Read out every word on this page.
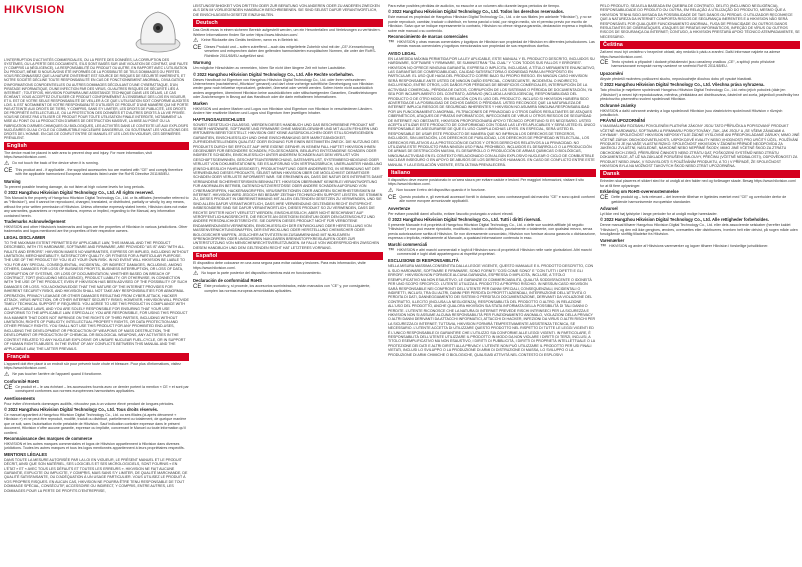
HIKVISION

L'INTERRUPTION D'ACTIVITÉS COMMERCIALES, OU LA PERTE DES DONNÉES, LA CORRUPTION DES SYSTÈMES, OU LA PERTE DES DOCUMENTS, S'ILS SONT BASÉS SUR UNE VIOLATION DE CONTRAT, UNE FAUTE (Y COMPRIS LA NÉGLIGENCE), LA RESPONSABILITÉ DU PRODUIT OU AUTRE, EN RAPPORT AVEC L'UTILISATION DU PRODUIT, MÊME SI NOUS AVONS ÉTÉ INFORMÉS DE LA POSSIBILITÉ DE TELS DOMMAGES OU PERTES. VOUS RECONNAISSEZ QUE LA NATURE D'INTERNET EST SOURCE DE RISQUES DE SÉCURITÉ INHÉRENTS, ET NOTRE SOCIÉTÉ DÉCLINE TOUTE RESPONSABILITÉ EN CAS DE FONCTIONNEMENT ANORMAL, DIVULGATION D'INFORMATIONS CONFIDENTIELLES OU AUTRES DOMMAGES DÉCOULANT D'UNE CYBERATTAQUE, D'UN PIRATAGE INFORMATIQUE, D'UNE INFECTION PAR DES VIRUS, OU AUTRES RISQUES DE SÉCURITÉ LIÉS À INTERNET ; TOUTEFOIS, HIKVISION FOURNIRA UNE ASSISTANCE TECHNIQUE DANS LES DÉLAIS, LE CAS ÉCHÉANT. VOUS ACCEPTEZ D'UTILISER CE PRODUIT CONFORMÉMENT À L'ENSEMBLE DES LOIS EN VIGUEUR, ET IL EST DE VOTRE SEULE RESPONSABILITÉ DE VEILLER À CE QUE L'UTILISATION SOIT CONFORME AUXDITES LOIS. IL EST NOTAMMENT DE VOTRE RESPONSABILITÉ D'UTILISER CE PRODUIT D'UNE MANIÈRE QUI NE PORTE PAS ATTEINTE AUX DROITS DE TIERS, Y COMPRIS, SANS S'Y LIMITER, LES DROITS DE PUBLICITÉ, LES DROITS DE PROPRIÉTÉ INTELLECTUELLE, OU LA PROTECTION DES DONNÉES ET D'AUTRES DROITS À LA VIE PRIVÉE. VOUS NE DEVEZ PAS UTILISER CE PRODUIT POUR TOUTE UTILISATION FINALE INTERDITE, NOTAMMENT LA MISE AU POINT OU LA PRODUCTION D'ARMES DE DESTRUCTION MASSIVE, LA MISE AU POINT OU LA FABRICATION D'ARMES CHIMIQUES OU BIOLOGIQUES, LES ACTIVITÉS DANS LE CONTEXTE LIÉ AUX EXPLOSIFS NUCLÉAIRES OU AU CYCLE DU COMBUSTIBLE NUCLÉAIRE DANGEREUX, OU SOUTENANT LES VIOLATIONS DES DROITS DE L'HOMME. EN CAS DE CONFLIT ENTRE CE MANUEL ET LES LOIS EN VIGUEUR, CES DERNIÈRES PRÉVALENT.

English

The device must be placed in safe area to prevent drop and injury. For more information, visit https://www.hikvision.com/.

⚠ Do not touch the back of the device when it is running.

CE This product and - if applicable - the supplied accessories too are marked with "CE" and comply therefore with the applicable harmonized European standards listed under the RoHS Directive 2011/65/EU.

Warning

To prevent possible hearing damage, do not listen at high volume levels for long periods.

© 2022 Hangzhou Hikvision Digital Technology Co., Ltd. All rights reserved.

This Manual is the property of Hangzhou Hikvision Digital Technology Co., Ltd. or its affiliates (hereinafter referred to as "Hikvision"), and it cannot be reproduced, changed, translated, or distributed, partially or wholly, by any means, without the prior written permission of Hikvision. Unless otherwise expressly stated herein, Hikvision does not make any warranties, guarantees or representations, express or implied, regarding to the Manual, any information contained herein.

Trademarks Acknowledgement

HIKVISION and other Hikvision's trademarks and logos are the properties of Hikvision in various jurisdictions. Other trademarks and logos mentioned are the properties of their respective owners.

LEGAL DISCLAIMER

TO THE MAXIMUM EXTENT PERMITTED BY APPLICABLE LAW, THIS MANUAL AND THE PRODUCT DESCRIBED, WITH ITS HARDWARE, SOFTWARE AND FIRMWARE, ARE PROVIDED "AS IS" AND "WITH ALL FAULTS AND ERRORS". HIKVISION MAKES NO WARRANTIES, EXPRESS OR IMPLIED, INCLUDING WITHOUT LIMITATION, MERCHANTABILITY, SATISFACTORY QUALITY, OR FITNESS FOR A PARTICULAR PURPOSE. THE USE OF THE PRODUCT BY YOU IS AT YOUR OWN RISK. IN NO EVENT WILL HIKVISION BE LIABLE TO YOU FOR ANY SPECIAL, CONSEQUENTIAL, INCIDENTAL, OR INDIRECT DAMAGES, INCLUDING, AMONG OTHERS, DAMAGES FOR LOSS OF BUSINESS PROFITS, BUSINESS INTERRUPTION, OR LOSS OF DATA, CORRUPTION OF SYSTEMS, OR LOSS OF DOCUMENTATION, WHETHER BASED ON BREACH OF CONTRACT, TORT (INCLUDING NEGLIGENCE), PRODUCT LIABILITY, OR OTHERWISE, IN CONNECTION WITH THE USE OF THE PRODUCT, EVEN IF HIKVISION HAS BEEN ADVISED OF THE POSSIBILITY OF SUCH DAMAGES OR LOSS. YOU ACKNOWLEDGE THAT THE NATURE OF THE INTERNET PROVIDES FOR INHERENT SECURITY RISKS, AND HIKVISION SHALL NOT TAKE ANY RESPONSIBILITIES FOR ABNORMAL OPERATION, PRIVACY LEAKAGE OR OTHER DAMAGES RESULTING FROM CYBER-ATTACK, HACKER ATTACK, VIRUS INFECTION, OR OTHER INTERNET SECURITY RISKS; HOWEVER, HIKVISION WILL PROVIDE TIMELY TECHNICAL SUPPORT IF REQUIRED. YOU AGREE TO USE THIS PRODUCT IN COMPLIANCE WITH ALL APPLICABLE LAWS, AND YOU ARE SOLELY RESPONSIBLE FOR ENSURING THAT YOUR USE CONFORMS TO THE APPLICABLE LAW. ESPECIALLY, YOU ARE RESPONSIBLE, FOR USING THIS PRODUCT IN A MANNER THAT DOES NOT INFRINGE ON THE RIGHTS OF THIRD PARTIES, INCLUDING WITHOUT LIMITATION, RIGHTS OF PUBLICITY, INTELLECTUAL PROPERTY RIGHTS, OR DATA PROTECTION AND OTHER PRIVACY RIGHTS. YOU SHALL NOT USE THIS PRODUCT FOR ANY PROHIBITED END-USES, INCLUDING THE DEVELOPMENT OR PRODUCTION OF WEAPONS OF MASS DESTRUCTION, THE DEVELOPMENT OR PRODUCTION OF CHEMICAL OR BIOLOGICAL WEAPONS, ANY ACTIVITIES IN THE CONTEXT RELATED TO ANY NUCLEAR EXPLOSIVE OR UNSAFE NUCLEAR FUEL-CYCLE, OR IN SUPPORT OF HUMAN RIGHTS ABUSES. IN THE EVENT OF ANY CONFLICTS BETWEEN THIS MANUAL AND THE APPLICABLE LAW, THE LATTER PREVAILS.

Français

L'appareil doit être placé à un endroit sûr pour prévenir toute chute et blessure. Pour plus d'informations, visitez https://www.hikvision.com/.

⚠ Ne pas toucher l'arrière de l'appareil quand il fonctionne.

Conformité RoHS
CE Ce produit et – le cas échéant – les accessoires fournis avec ce dernier portent la mention « CE » et sont par conséquent conformes aux normes européennes harmonisées applicables.

Avertissements

Pour éviter d'éventuels dommages auditifs, n'écoutez pas à un volume élevé pendant de longues périodes.

© 2022 Hangzhou Hikvision Digital Technology Co., Ltd. Tous droits réservés.

Ce manuel appartient à Hangzhou Hikvision Digital Technology Co., Ltd. ou ses filiales (ci-après dénommé « Hikvision ») et ne peut être reproduit, modifié, traduit ou distribué, partiellement ou totalement, de quelque manière que ce soit, sans l'autorisation écrite préalable de Hikvision. Sauf indication contraire expresse dans le présent document, Hikvision n'offre aucune garantie, expresse ou implicite, concernant le Manuel ou toute information qu'il contient.

Reconnaissance des marques de commerce

HIKVISION et les autres marques commerciales et logos de Hikvision appartiennent à Hikvision dans diverses juridictions. Toutes les autres marques et tous les logos mentionnés appartiennent à leurs propriétaires respectifs.

MENTIONS LÉGALES

DANS TOUTE LA MESURE AUTORISÉE PAR LA LOI EN VIGUEUR, LE PRÉSENT MANUEL ET LE PRODUIT DÉCRIT, AINSI QUE SON MATÉRIEL, SES LOGICIELS ET SES MICROLOGICIELS, SONT FOURNIS « EN L'ÉTAT » ET « AVEC TOUS LES DÉFAUTS ET TOUTES LES ERREURS ». HIKVISION NE FAIT AUCUNE GARANTIE, EXPLICITE OU IMPLICITE, Y COMPRIS, MAIS SANS S'Y LIMITER, DE QUALITÉ MARCHANDE, DE QUALITÉ SATISFAISANTE, OU D'ADÉQUATION À UN USAGE PARTICULIER. VOUS UTILISEZ LE PRODUIT À VOS PROPRES RISQUES. EN AUCUN CAS, HIKVISION NE POURRA ÊTRE TENU RESPONSABLE DE TOUT DOMMAGE SPÉCIAL, CONSÉCUTIF, ACCESSOIRE OU INDIRECT, Y COMPRIS, ENTRE AUTRES, LES DOMMAGES POUR LA PERTE DE PROFITS D'ENTREPRISE,

LEISTUNGSFÄHIGKEIT VON DRITTEN ODER ZUR BERATUNG VON ANDEREN ODER ZU ANDEREN ZWECKEN ALS DEN IM VORLIEGENDEN HANDBUCH BESCHRIEBENEN. SIE SIND SELBST DAFÜR VERANTWORTLICH, DIE EINSCHLÄGIGEN GESETZE EINZUHALTEN.

Deutsch

Das Gerät muss in einem sicheren Bereich aufgestellt werden, um ein Herunterfallen und Verletzungen zu verhindern. Weitere Informationen finden Sie unter https://www.hikvision.com/.

⚠ Keine Rückseite des Geräts berühren, wenn es in Betrieb ist.

CE Dieses Produkt und – sofern zutreffend – auch das mitgelieferte Zubehör sind mit der „CE“-Kennzeichnung versehen und entsprechen daher den geltenden harmonisierten europäischen Normen, die unter der RoHS-Richtlinie 2011/65/EU aufgeführt sind.

Warnung

Um mögliche Hörschäden zu vermeiden, hören Sie nicht über längere Zeit mit hoher Lautstärke.

© 2022 Hangzhou Hikvision Digital Technology Co., Ltd. Alle Rechte vorbehalten.

Dieses Handbuch ist Eigentum von Hangzhou Hikvision Digital Technology Co., Ltd. oder ihren verbundenen Unternehmen (nachstehend „Hikvision“ genannt) und darf ohne vorherige schriftliche Genehmigung von Hikvision weder ganz noch teilweise reproduziert, geändert, übersetzt oder verteilt werden. Sofern hierin nicht ausdrücklich anders angegeben, übernimmt Hikvision keine ausdrücklichen oder stillschweigenden Garantien, Gewährleistungen oder Zusicherungen in Bezug auf das Handbuch oder die darin enthaltenen Informationen.

Marken

HIKVISION und andere Marken und Logos von Hikvision sind Eigentum von Hikvision in verschiedenen Ländern. Andere hier erwähnte Marken und Logos sind Eigentum ihrer jeweiligen Inhaber.

HAFTUNGSAUSSCHLUSS

SOWEIT GESETZLICH ZULÄSSIG, WERDEN DIESES HANDBUCH UND DAS BESCHRIEBENE PRODUKT MIT SEINER HARDWARE, SOFTWARE UND FIRMWARE OHNE MÄNGELGEWÄHR UND MIT ALLEN FEHLERN UND IRRTÜMERN BEREITGESTELLT. HIKVISION GIBT KEINE AUSDRÜCKLICHEN ODER STILLSCHWEIGENDEN GARANTIEN, EINSCHLIESSLICH UND OHNE EINSCHRÄNKUNG DER MARKTGÄNGIGKEIT, ZUFRIEDENSTELLENDEN QUALITÄT ODER EIGNUNG FÜR EINEN BESTIMMTEN ZWECK. DIE NUTZUNG DES PRODUKTS DURCH SIE ERFOLGT AUF IHRE EIGENE GEFAHR. IN KEINEM FALL HAFTET HIKVISION IHNEN GEGENÜBER FÜR BESONDERE SCHÄDEN, FOLGESCHÄDEN, BEILÄUFIG ENTSTANDENE SCHÄDEN ODER INDIREKTE SCHÄDEN, EINSCHLIESSLICH UNTER ANDEREM SCHÄDEN AUS DEM VERLUST VON GESCHÄFTSGEWINNEN, GESCHÄFTSUNTERBRECHUNG, DATENVERLUST, SYSTEMBESCHÄDIGUNG ODER VERLUST VON DOKUMENTATIONEN, SEI ES AUFGRUND VON VERTRAGSBRUCH, UNERLAUBTER HANDLUNG (EINSCHLIESSLICH FAHRLÄSSIGKEIT), PRODUKTHAFTUNG ODER ANDERWEITIG, IN VERBINDUNG MIT DER VERWENDUNG DIESES PRODUKTS, SELBST WENN HIKVISION ÜBER DIE MÖGLICHKEIT DERARTIGER SCHÄDEN ODER VERLUSTE INFORMIERT WAR. SIE ERKENNEN AN, DASS DIE NATUR DES INTERNETS DAMIT VERBUNDENE SICHERHEITSRISIKEN BEINHALTET. HIKVISION ÜBERNIMMT KEINERLEI VERANTWORTUNG FÜR ANORMALEN BETRIEB, DATENSCHUTZVERSTÖSSE ODER ANDERE SCHÄDEN AUFGRUND VON CYBERANGRIFFEN, HACKERANGRIFFEN, VIRUSINFEKTIONEN ODER ANDEREN SICHERHEITSRISIKEN IM INTERNET. HIKVISION WIRD JEDOCH BEI BEDARF ZEITNAH TECHNISCHEN SUPPORT LEISTEN. SIE STIMMEN ZU, DIESES PRODUKT IN ÜBEREINSTIMMUNG MIT ALLEN GELTENDEN GESETZEN ZU VERWENDEN, UND SIE SIND ALLEIN DAFÜR VERANTWORTLICH, DASS IHRE VERWENDUNG GELTENDEM RECHT ENTSPRICHT. INSBESONDERE SIND SIE DAFÜR VERANTWORTLICH, DIESES PRODUKT SO ZU VERWENDEN, DASS DIE RECHTE DRITTER NICHT VERLETZT WERDEN, EINSCHLIESSLICH, ABER NICHT BESCHRÄNKT AUF VERÖFFENTLICHUNGSRECHTE, DIE RECHTE AN GEISTIGEM EIGENTUM ODER DEN DATENSCHUTZ UND ANDERE PERSÖNLICHKEITSRECHTE. SIE DÜRFEN DIESES PRODUKT NICHT FÜR VERBOTENE ENDANWENDUNGEN VERWENDEN, EINSCHLIESSLICH DER ENTWICKLUNG ODER HERSTELLUNG VON MASSENVERNICHTUNGSWAFFEN, DER ENTWICKLUNG ODER HERSTELLUNG CHEMISCHER ODER BIOLOGISCHER WAFFEN, JEGLICHER AKTIVITÄTEN IM ZUSAMMENHANG MIT NUKLEAREN SPRENGKÖRPERN ODER UNSICHEREN NUKLEAREN BRENNSTOFFKREISLÄUFEN ODER ZUR UNTERSTÜTZUNG VON MENSCHENRECHTSVERLETZUNGEN. IM FALLE VON WIDERSPRÜCHEN ZWISCHEN DIESEM HANDBUCH UND DEM GELTENDEN RECHT HAT LETZTERES VORRANG.

Español

El dispositivo debe colocarse en una zona segura para evitar caídas y lesiones. Para más información, visite https://www.hikvision.com/.

⚠ No toque la parte posterior del dispositivo mientras está en funcionamiento.

Declaración de conformidad RoHS
CE Este producto y, si procede, los accesorios suministrados, están marcados con "CE" y, por consiguiente, cumplen las normas europeas armonizadas aplicables.

Para evitar posibles pérdidas de audición, no escuche a un volumen alto durante largos periodos de tiempo.

© 2022 Hangzhou Hikvision Digital Technology Co., Ltd. Todos los derechos reservados.

Este manual es propiedad de Hangzhou Hikvision Digital Technology Co., Ltd. o de sus filiales (en adelante "Hikvision"), y no se puede reproducir, cambiar, traducir o distribuir, en forma parcial o total, por ningún medio, sin el permiso previo por escrito de Hikvision. Salvo que se indique expresamente lo contrario, Hikvision no ofrece ninguna garantía, declaración expresa o implícita, sobre este manual o su contenido.

Reconocimiento de marcas comerciales
™ HIKVISION y otras marcas comerciales y logotipos de Hikvision son propiedad de Hikvision en diferentes jurisdicciones. Las demás marcas comerciales y logotipos mencionados son propiedad de sus respectivos dueños.

AVISO LEGAL

EN LA MEDIDA MÁXIMA PERMITIDA POR LA LEY APLICABLE, ESTE MANUAL Y EL PRODUCTO DESCRITO, INCLUIDOS SU HARDWARE, SOFTWARE Y FIRMWARE, SE SUMINISTRAN "TAL CUAL" Y "CON TODOS SUS FALLOS Y ERRORES". HIKVISION NO OFRECE NINGUNA GARANTÍA, EXPRESA O IMPLÍCITA, INCLUIDAS, A TÍTULO MERAMENTE ENUNCIATIVO, LAS GARANTÍAS DE COMERCIABILIDAD, CALIDAD SATISFACTORIA O IDONEIDAD PARA UN PROPÓSITO EN PARTICULAR. EL USO QUE HAGA DEL PRODUCTO CORRE BAJO SU PROPIO RIESGO. EN NINGÚN CASO HIKVISION SERÁ RESPONSABLE ANTE USTED DE NINGÚN DAÑO ESPECIAL, CONSECUENTE, INCIDENTAL O INDIRECTO, INCLUYENDO, ENTRE OTROS, LOS DAÑOS POR PÉRDIDAS DE BENEFICIOS COMERCIALES, INTERRUPCIÓN DE LA ACTIVIDAD COMERCIAL, PÉRDIDA DE DATOS, CORRUPCIÓN DE LOS SISTEMAS O PÉRDIDA DE DOCUMENTACIÓN, YA SEA POR INCUMPLIMIENTO DEL CONTRATO, AGRAVIO (INCLUIDA LA NEGLIGENCIA), RESPONSABILIDAD DEL PRODUCTO O DE OTRO MODO, EN RELACIÓN CON EL USO DEL PRODUCTO, INCLUSO SI HIKVISION HUBIERA SIDO ADVERTIDA DE LA POSIBILIDAD DE DICHOS DAÑOS O PÉRDIDAS. USTED RECONOCE QUE LA NATURALEZA DE INTERNET IMPLICA RIESGOS DE SEGURIDAD INHERENTES Y HIKVISION NO ASUMIRÁ NINGUNA RESPONSABILIDAD POR UN FUNCIONAMIENTO ANORMAL, FILTRACIONES DE PRIVACIDAD U OTROS DAÑOS RESULTANTES DE ATAQUES CIBERNÉTICOS, ATAQUES DE PIRATAS INFORMÁTICOS, INFECCIONES DE VIRUS U OTROS RIESGOS DE SEGURIDAD DE INTERNET; NO OBSTANTE, HIKVISION PROPORCIONARÁ APOYO TÉCNICO OPORTUNO SI ES NECESARIO. USTED ACEPTA UTILIZAR ESTE PRODUCTO DE CONFORMIDAD CON TODAS LAS LEYES APLICABLES Y SERÁ USTED EL ÚNICO RESPONSABLE DE ASEGURARSE DE QUE EL USO CUMPLA DICHAS LEYES. EN ESPECIAL, SERÁ USTED EL RESPONSABLE DE USAR ESTE PRODUCTO DE MANERA QUE NO INFRINJA LOS DERECHOS DE TERCEROS, INCLUIDOS, SIN LIMITACIÓN, LOS DERECHOS DE PUBLICIDAD, LOS DERECHOS DE PROPIEDAD INTELECTUAL, LOS DERECHOS RELATIVOS A LA PROTECCIÓN DE DATOS Y OTROS DERECHOS RELATIVOS A LA PRIVACIDAD. NO UTILIZARÁ ESTE PRODUCTO PARA NINGÚN USO FINAL PROHIBIDO, INCLUIDOS EL DESARROLLO O LA PRODUCCIÓN DE ARMAS DE DESTRUCCIÓN MASIVA, EL DESARROLLO O PRODUCCIÓN DE ARMAS QUÍMICAS O BIOLÓGICAS, NINGUNA ACTIVIDAD EN EL CONTEXTO RELACIONADO CON ALGÚN EXPLOSIVO NUCLEAR O CICLO DE COMBUSTIBLE NUCLEAR INSEGURO O EN APOYO DE ABUSOS DE LOS DERECHOS HUMANOS. EN CASO DE CONFLICTO ENTRE ESTE MANUAL Y LA LEGISLACIÓN VIGENTE, ESTA ÚLTIMA PREVALECERÁ.

Italiano

Il dispositivo deve essere posizionato in un'area sicura per evitare cadute e lesioni. Per maggiori informazioni, visitare il sito https://www.hikvision.com/.

⚠ Non toccare il retro del dispositivo quando è in funzione.

CE Questo prodotto e, gli eventuali accessori forniti in dotazione, sono contrassegnati dal marchio "CE" e sono quindi conformi alle norme europee armonizzate applicabili.

Avvertenze

Per evitare possibili danni all'udito, evitare l'ascolto prolungato a volumi elevati.

© 2022 Hangzhou Hikvision Digital Technology Co., Ltd. Tutti i diritti riservati.

Il presente Manuale è di proprietà di Hangzhou Hikvision Digital Technology Co., Ltd. o delle sue società affiliate (di seguito "Hikvision") e non può essere riprodotto, modificato, tradotto o distribuito, parzialmente o totalmente, con qualsiasi mezzo, senza previa autorizzazione scritta di Hikvision. Se non diversamente concordato, Hikvision non fornisce alcuna garanzia o dichiarazione, espressa o implicita, relativamente al Manuale, a qualsiasi informazione contenuta in esso.

Marchi commerciali
™ HIKVISION e altri marchi commerciali e loghi di Hikvision sono di proprietà di Hikvision nelle varie giurisdizioni. Altri marchi commerciali e loghi citati appartengono ai rispettivi proprietari.

ESCLUSIONE DI RESPONSABILITÀ

NELLA MISURA MASSIMA CONSENTITA DALLA LEGGE VIGENTE, QUESTO MANUALE E IL PRODOTTO DESCRITTO, CON IL SUO HARDWARE, SOFTWARE E FIRMWARE, SONO FORNITI "COSÌ COME SONO" E "CON TUTTI I DIFETTI E GLI ERRORI". HIKVISION NON FORNISCE ALCUNA GARANZIA, ESPRESSA O IMPLICITA, INCLUSE, A TITOLO ESEMPLIFICATIVO MA NON ESAUSTIVO, LE GARANZIE DI COMMERCIABILITÀ, QUALITÀ SODDISFACENTE O IDONEITÀ PER UNO SCOPO SPECIFICO. L'UTENTE UTILIZZA IL PRODOTTO A PROPRIO RISCHIO. IN NESSUN CASO HIKVISION SARÀ RESPONSABILE NEI CONFRONTI DELL'UTENTE PER DANNI SPECIALI, CONSEQUENZIALI, INCIDENTALI O INDIRETTI, INCLUSI, TRA GLI ALTRI, DANNI PER PERDITA DI PROFITTI AZIENDALI, INTERRUZIONE DELL'ATTIVITÀ O PERDITA DI DATI, DANNEGGIAMENTO DEI SISTEMI O PERDITA DI DOCUMENTAZIONE, DERIVANTI DA VIOLAZIONE DEL CONTRATTO, ILLECITO (INCLUSA LA NEGLIGENZA), RESPONSABILITÀ DEL PRODOTTO O ALTRO, IN RELAZIONE ALL'USO DEL PRODOTTO, ANCHE QUALORA HIKVISION SIA STATA INFORMATA DELLA POSSIBILITÀ DI TALI DANNI O PERDITE. L'UTENTE RICONOSCE CHE LA NATURA DI INTERNET PREVEDE RISCHI INTRINSECI PER LA SICUREZZA E HIKVISION NON SI ASSUME ALCUNA RESPONSABILITÀ PER FUNZIONAMENTO ANOMALO, VIOLAZIONI DELLA PRIVACY O ALTRI DANNI DERIVANTI DA ATTACCHI INFORMATICI, ATTACCHI DI HACKER, INFEZIONI DA VIRUS O ALTRI RISCHI PER LA SICUREZZA DI INTERNET; TUTTAVIA, HIKVISION FORNIRÀ TEMPESTIVAMENTE ASSISTENZA TECNICA, SE NECESSARIO. L'UTENTE ACCETTA DI UTILIZZARE QUESTO PRODOTTO NEL RISPETTO DI TUTTE LE LEGGI VIGENTI ED È L'UNICO RESPONSABILE DI GARANTIRE CHE L'UTILIZZO SIA CONFORME ALLE LEGGI VIGENTI. IN PARTICOLARE, È RESPONSABILITÀ DELL'UTENTE UTILIZZARE IL PRODOTTO IN MODO DA NON VIOLARE I DIRITTI DI TERZI, INCLUSI, A TITOLO ESEMPLIFICATIVO MA NON ESAUSTIVO, I DIRITTI DI PUBBLICITÀ, I DIRITTI DI PROPRIETÀ INTELLETTUALE O LA PROTEZIONE DEI DATI E ALTRI DIRITTI ALLA PRIVACY. L'UTENTE NON PUÒ UTILIZZARE IL PRODOTTO PER USI FINALI VIETATI, INCLUSI LO SVILUPPO O LA PRODUZIONE DI ARMI DI DISTRUZIONE DI MASSA, LO SVILUPPO O LA PRODUZIONE DI ARMI CHIMICHE O BIOLOGICHE, QUALSIASI ATTIVITÀ NEL CONTESTO DI ESPLOSIVI

PELO PRODUTO, SEJA ELA BASEADA EM QUEBRA DE CONTRATO, DELITO (INCLUINDO NEGLIGÊNCIA), RESPONSABILIDADE DO PRODUTO OU OUTRA, EM RELAÇÃO À UTILIZAÇÃO DO PRODUTO, MESMO QUE A HIKVISION TENHA SIDO AVISADA DA POSSIBILIDADE DE TAIS DANOS OU PERDAS. O UTILIZADOR RECONHECE QUE A NATUREZA DA INTERNET COMPORTA RISCOS DE SEGURANÇA INERENTES E A HIKVISION NÃO SERÁ RESPONSÁVEL POR QUALQUER FUNCIONAMENTO ANORMAL, FUGA DE PRIVACIDADE OU OUTROS DANOS RESULTANTES DE CIBERATAQUES, ATAQUES DE PIRATAS INFORMÁTICOS, INFEÇÃO DE VÍRUS OU OUTROS RISCOS DE SEGURANÇA DA INTERNET; CONTUDO, A HIKVISION PRESTARÁ APOIO TÉCNICO ATEMPADAMENTE, SE NECESSÁRIO.

Čeština

Zařízení musí být umístěno v bezpečné oblasti, aby nedošlo k pádu a zranění. Další informace najdete na adrese https://www.hikvision.com/.

CE Tento výrobek a případně i dodané příslušenství jsou označeny značkou „CE“, a splňují proto příslušné harmonizované evropské normy uvedené ve směrnici RoHS 2011/65/EU.

Upozornění

Abyste předešli možnému poškození sluchu, neposlouchejte dlouhou dobu při vysoké hlasitosti.

© 2022 Hangzhou Hikvision Digital Technology Co., Ltd. Všechna práva vyhrazena.

Tato příručka je majetkem společnosti Hangzhou Hikvision Digital Technology Co., Ltd. nebo jejích poboček (dále jen „Hikvision“) a nesmí být reprodukována, měněna, překládána ani distribuována, částečně ani zcela, jakýmikoli prostředky bez předchozího písemného svolení společnosti Hikvision.

Ochranné známky

HIKVISION a další ochranné známky a loga společnosti Hikvision jsou vlastnictvím společnosti Hikvision v různých jurisdikcích.

PRÁVNÍ UPOZORNĚNÍ

V MAXIMÁLNÍM ROZSAHU POVOLENÉM PLATNÝMI ZÁKONY JSOU TATO PŘÍRUČKA A POPISOVANÝ PRODUKT VČETNĚ HARDWARU, SOFTWARU A FIRMWARU POSKYTOVÁNY „TAK, JAK JSOU“ A „SE VŠEMI ZÁVADAMI A CHYBAMI“. SPOLEČNOST HIKVISION NEPOSKYTUJE ŽÁDNÉ VÝSLOVNÉ ANI PŘEDPOKLÁDANÉ ZÁRUKY, MIMO JINÉ VČETNĚ ZÁRUK OBCHODOVATELNOSTI, USPOKOJIVÉ KVALITY NEBO VHODNOSTI PRO URČITÝ ÚČEL. POUŽÍVÁNÍ PRODUKTU JE NA VAŠE VLASTNÍ RIZIKO. SPOLEČNOST HIKVISION V ŽÁDNÉM PŘÍPADĚ NEODPOVÍDÁ ZA JAKÉKOLI ZVLÁŠTNÍ, NÁSLEDNÉ, NÁHODNÉ NEBO NEPŘÍMÉ ŠKODY, MIMO JINÉ VČETNĚ ŠKOD ZA ZTRÁTU OBCHODNÍCH ZISKŮ, PŘERUŠENÍ ČINNOSTI NEBO ZTRÁTU DAT, POŠKOZENÍ SYSTÉMŮ NEBO ZTRÁTU DOKUMENTACE, AŤ UŽ NA ZÁKLADĚ PORUŠENÍ SMLOUVY, PŘEČINU (VČETNĚ NEDBALOSTI), ODPOVĚDNOSTI ZA PRODUKT NEBO JINAK, V SOUVISLOSTI S POUŽÍVÁNÍM PRODUKTU, A TO I V PŘÍPADĚ, ŽE SPOLEČNOST HIKVISION BYLA NA MOŽNOST TAKOVÝCH ŠKOD NEBO ZTRÁT UPOZORNĚNA.

Dansk

Enheden skal placeres et sikkert sted for at undgå at den falder ned og forårsager skade. Besøg https://www.hikvision.com/ for at få flere oplysninger.

Erklæring om RoHS-overensstemmelse
CE Dette produkt og – hvis relevant – det leverede tilbehør er ligeledes mærket med "CE" og overholder derfor de gældende harmoniserede europæiske standarder.

Advarsel

Lyt ikke ved høj lydstyrke i lange perioder for at undgå mulige høreskader.

© 2022 Hangzhou Hikvision Digital Technology Co., Ltd. Alle rettigheder forbeholdes.

Denne manual tilhører Hangzhou Hikvision Digital Technology Co., Ltd. eller dets associerede selskaber (herefter kaldet "Hikvision"), og den må ikke gengives, ændres, oversættes eller distribueres, hverken helt eller delvist, på nogen måde uden forudgående skriftlig tilladelse fra Hikvision.

Varemærker
™ HIKVISION og andre af Hikvisions varemærker og logoer tilhører Hikvision i forskellige jurisdiktioner.
